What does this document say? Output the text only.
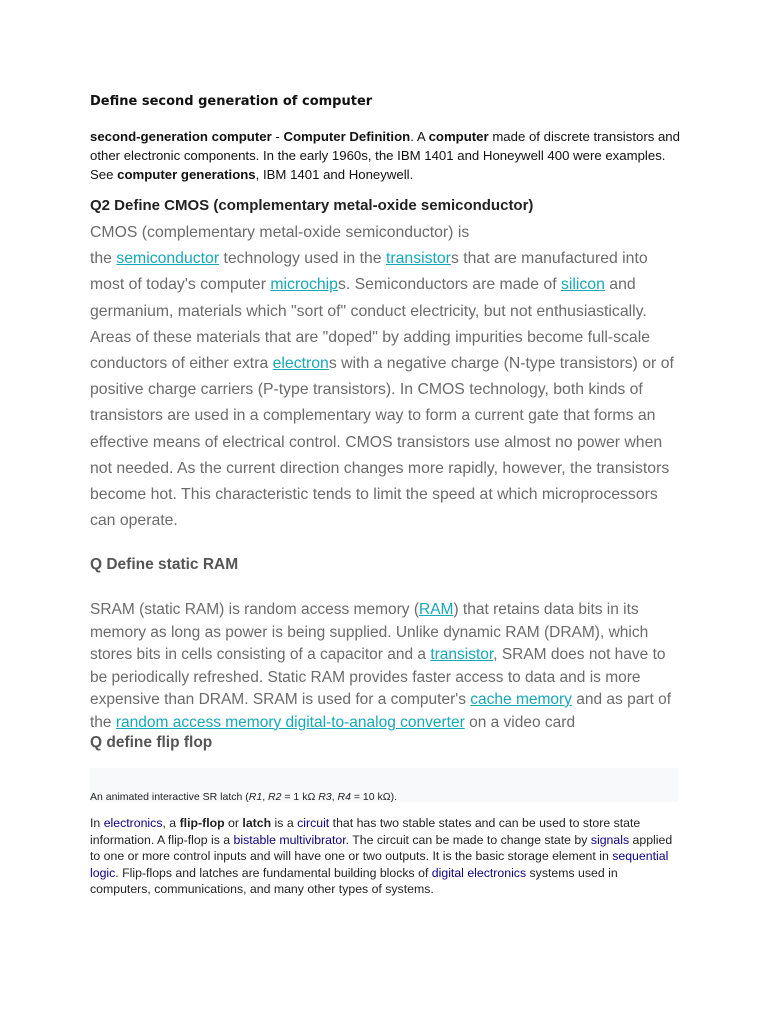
Define second generation of computer

second-generation computer - Computer Definition. A computer made of discrete transistors and other electronic components. In the early 1960s, the IBM 1401 and Honeywell 400 were examples. See computer generations, IBM 1401 and Honeywell.

Q2 Define CMOS (complementary metal-oxide semiconductor)

CMOS (complementary metal-oxide semiconductor) is
the semiconductor technology used in the transistors that are manufactured into most of today's computer microchips. Semiconductors are made of silicon and germanium, materials which "sort of" conduct electricity, but not enthusiastically. Areas of these materials that are "doped" by adding impurities become full-scale conductors of either extra electrons with a negative charge (N-type transistors) or of positive charge carriers (P-type transistors). In CMOS technology, both kinds of transistors are used in a complementary way to form a current gate that forms an effective means of electrical control. CMOS transistors use almost no power when not needed. As the current direction changes more rapidly, however, the transistors become hot. This characteristic tends to limit the speed at which microprocessors can operate.

Q Define static RAM

SRAM (static RAM) is random access memory (RAM) that retains data bits in its memory as long as power is being supplied. Unlike dynamic RAM (DRAM), which stores bits in cells consisting of a capacitor and a transistor, SRAM does not have to be periodically refreshed. Static RAM provides faster access to data and is more expensive than DRAM. SRAM is used for a computer's cache memory and as part of the random access memory digital-to-analog converter on a video card

Q define flip flop

An animated interactive SR latch (R1, R2 = 1 kΩ R3, R4 = 10 kΩ).

In electronics, a flip-flop or latch is a circuit that has two stable states and can be used to store state information. A flip-flop is a bistable multivibrator. The circuit can be made to change state by signals applied to one or more control inputs and will have one or two outputs. It is the basic storage element in sequential logic. Flip-flops and latches are fundamental building blocks of digital electronics systems used in computers, communications, and many other types of systems.
